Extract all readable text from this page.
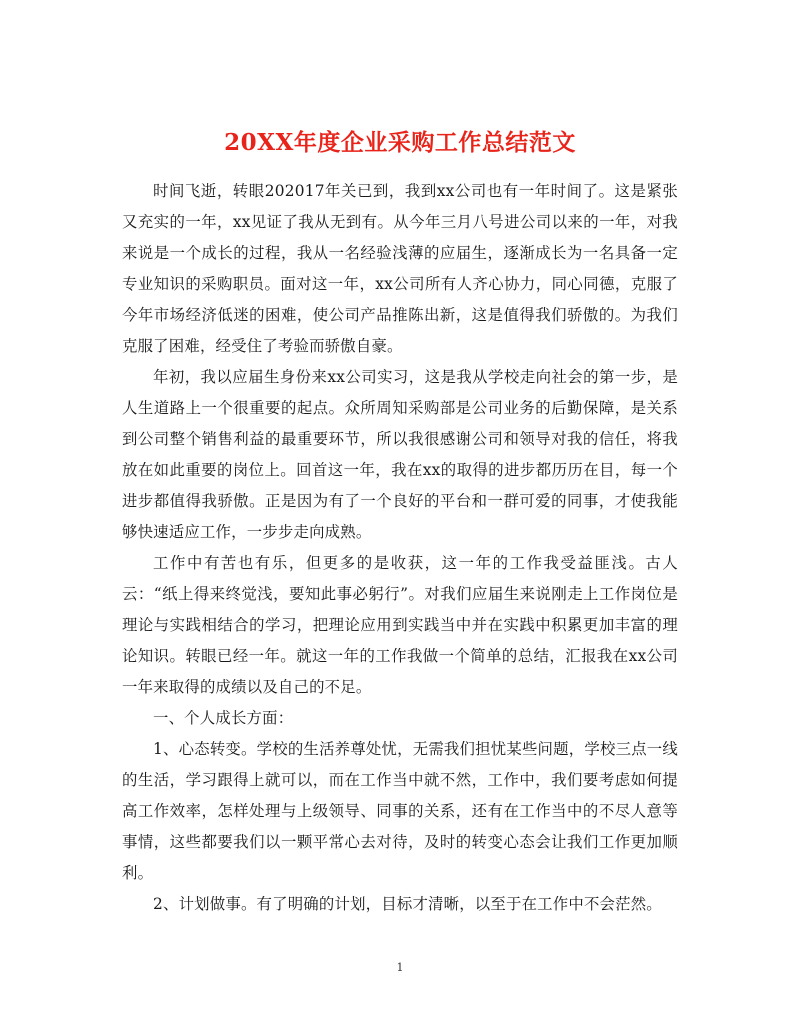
20XX年度企业采购工作总结范文

时间飞逝，转眼202017年关已到，我到xx公司也有一年时间了。这是紧张又充实的一年，xx见证了我从无到有。从今年三月八号进公司以来的一年，对我来说是一个成长的过程，我从一名经验浅薄的应届生，逐渐成长为一名具备一定专业知识的采购职员。面对这一年，xx公司所有人齐心协力，同心同德，克服了今年市场经济低迷的困难，使公司产品推陈出新，这是值得我们骄傲的。为我们克服了困难，经受住了考验而骄傲自豪。

年初，我以应届生身份来xx公司实习，这是我从学校走向社会的第一步，是人生道路上一个很重要的起点。众所周知采购部是公司业务的后勤保障，是关系到公司整个销售利益的最重要环节，所以我很感谢公司和领导对我的信任，将我放在如此重要的岗位上。回首这一年，我在xx的取得的进步都历历在目，每一个进步都值得我骄傲。正是因为有了一个良好的平台和一群可爱的同事，才使我能够快速适应工作，一步步走向成熟。

工作中有苦也有乐，但更多的是收获，这一年的工作我受益匪浅。古人云：“纸上得来终觉浅，要知此事必躬行”。对我们应届生来说刚走上工作岗位是理论与实践相结合的学习，把理论应用到实践当中并在实践中积累更加丰富的理论知识。转眼已经一年。就这一年的工作我做一个简单的总结，汇报我在xx公司一年来取得的成绩以及自己的不足。

一、个人成长方面：

1、心态转变。学校的生活养尊处忧，无需我们担忧某些问题，学校三点一线的生活，学习跟得上就可以，而在工作当中就不然，工作中，我们要考虑如何提高工作效率，怎样处理与上级领导、同事的关系，还有在工作当中的不尽人意等事情，这些都要我们以一颗平常心去对待，及时的转变心态会让我们工作更加顺利。

2、计划做事。有了明确的计划，目标才清晰，以至于在工作中不会茫然。

1
